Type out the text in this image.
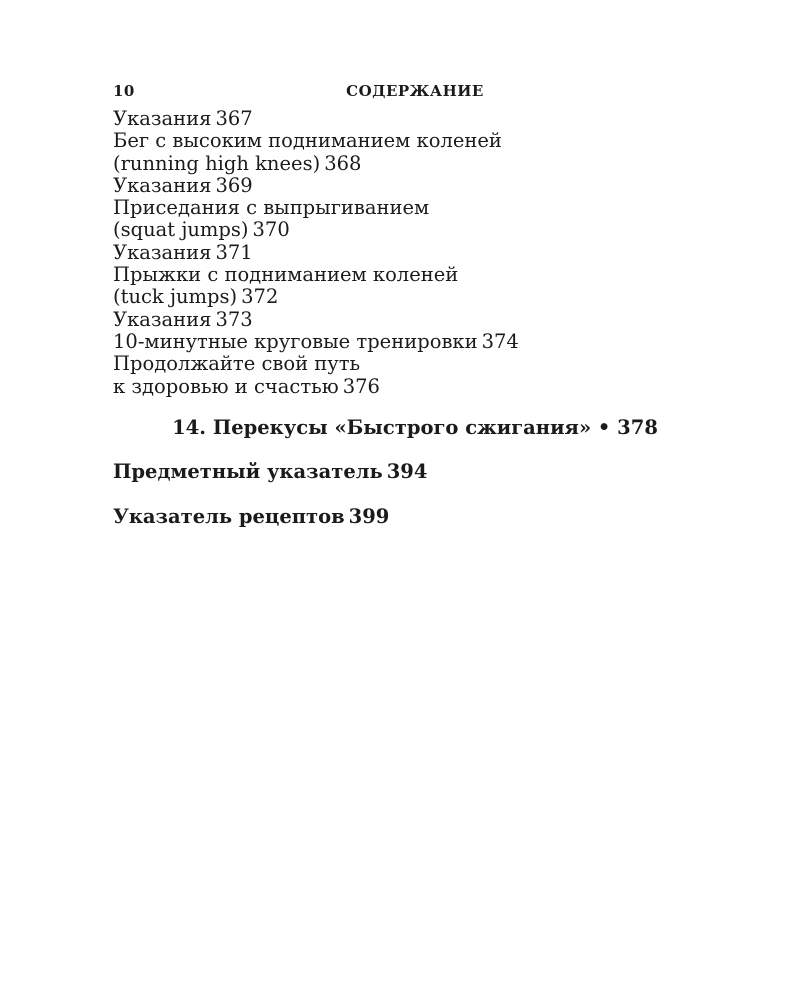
10	СОДЕРЖАНИЕ
Указания 367
Бег с высоким подниманием коленей
(running high knees) 368
Указания 369
Приседания с выпрыгиванием
(squat jumps) 370
Указания 371
Прыжки с подниманием коленей
(tuck jumps) 372
Указания 373
10-минутные круговые тренировки 374
Продолжайте свой путь
к здоровью и счастью 376
14. Перекусы «Быстрого сжигания» • 378
Предметный указатель 394
Указатель рецептов 399
